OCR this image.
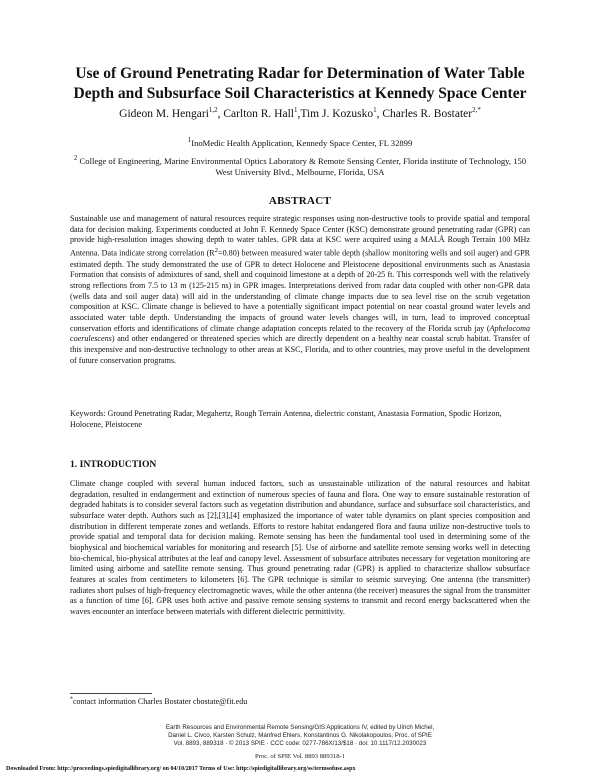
Use of Ground Penetrating Radar for Determination of Water Table
Depth and Subsurface Soil Characteristics at Kennedy Space Center
Gideon M. Hengari$^{1,2}$, Carlton R. Hall$^1$,Tim J. Kozusko$^1$, Charles R. Bostater$^{2,*}$
$^1$InoMedic Health Application, Kennedy Space Center, FL 32899
$^2$ College of Engineering, Marine Environmental Optics Laboratory & Remote Sensing Center, Florida institute of Technology, 150 West University Blvd., Melbourne, Florida, USA
ABSTRACT

Sustainable use and management of natural resources require strategic responses using non-destructive tools to provide spatial and temporal data for decision making. Experiments conducted at John F. Kennedy Space Center (KSC) demonstrate ground penetrating radar (GPR) can provide high-resolution images showing depth to water tables. GPR data at KSC were acquired using a MALÅ Rough Terrain 100 MHz Antenna. Data indicate strong correlation $(R^2=0.80)$ between measured water table depth (shallow monitoring wells and soil auger) and GPR estimated depth. The study demonstrated the use of GPR to detect Holocene and Pleistocene depositional environments such as Anastasia Formation that consists of admixtures of sand, shell and coquinoid limestone at a depth of 20-25 ft. This corresponds well with the relatively strong reflections from 7.5 to 13 m (125-215 ns) in GPR images. Interpretations derived from radar data coupled with other non-GPR data (wells data and soil auger data) will aid in the understanding of climate change impacts due to sea level rise on the scrub vegetation composition at KSC. Climate change is believed to have a potentially significant impact potential on near coastal ground water levels and associated water table depth. Understanding the impacts of ground water levels changes will, in turn, lead to improved conceptual conservation efforts and identifications of climate change adaptation concepts related to the recovery of the Florida scrub jay (Aphelocoma coerulescens) and other endangered or threatened species which are directly dependent on a healthy near coastal scrub habitat. Transfer of this inexpensive and non-destructive technology to other areas at KSC, Florida, and to other countries, may prove useful in the development of future conservation programs.

Keywords: Ground Penetrating Radar, Megahertz, Rough Terrain Antenna, dielectric constant, Anastasia Formation, Spodic Horizon, Holocene, Pleistocene

1. INTRODUCTION

Climate change coupled with several human induced factors, such as unsustainable utilization of the natural resources and habitat degradation, resulted in endangerment and extinction of numerous species of fauna and flora. One way to ensure sustainable restoration of degraded habitats is to consider several factors such as vegetation distribution and abundance, surface and subsurface soil characteristics, and subsurface water depth. Authors such as [2],[3],[4] emphasized the importance of water table dynamics on plant species composition and distribution in different temperate zones and wetlands. Efforts to restore habitat endangered flora and fauna utilize non-destructive tools to provide spatial and temporal data for decision making. Remote sensing has been the fundamental tool used in determining some of the biophysical and biochemical variables for monitoring and research [5]. Use of airborne and satellite remote sensing works well in detecting bio-chemical, bio-physical attributes at the leaf and canopy level. Assessment of subsurface attributes necessary for vegetation monitoring are limited using airborne and satellite remote sensing. Thus ground penetrating radar (GPR) is applied to characterize shallow subsurface features at scales from centimeters to kilometers [6]. The GPR technique is similar to seismic surveying. One antenna (the transmitter) radiates short pulses of high-frequency electromagnetic waves, while the other antenna (the receiver) measures the signal from the transmitter as a function of time [6]. GPR uses both active and passive remote sensing systems to transmit and record energy backscattered when the waves encounter an interface between materials with different dielectric permittivity.

*contact information Charles Bostater cbostate@fit.edu
Earth Resources and Environmental Remote Sensing/GIS Applications IV, edited by Ulrich Michel,
Daniel L. Civco, Karsten Schulz, Manfred Ehlers, Konstantinos G. Nikolakopoulos, Proc. of SPIE
Vol. 8893, 88931​8 · © 2013 SPIE · CCC code: 0277-786X/13/$18 · doi: 10.1117/12.2030023
Proc. of SPIE Vol. 8893 88931​8-1
Downloaded From: http://proceedings.spiedigitallibrary.org/ on 04/10/2017 Terms of Use: http://spiedigitallibrary.org/ss/termsofuse.aspx
